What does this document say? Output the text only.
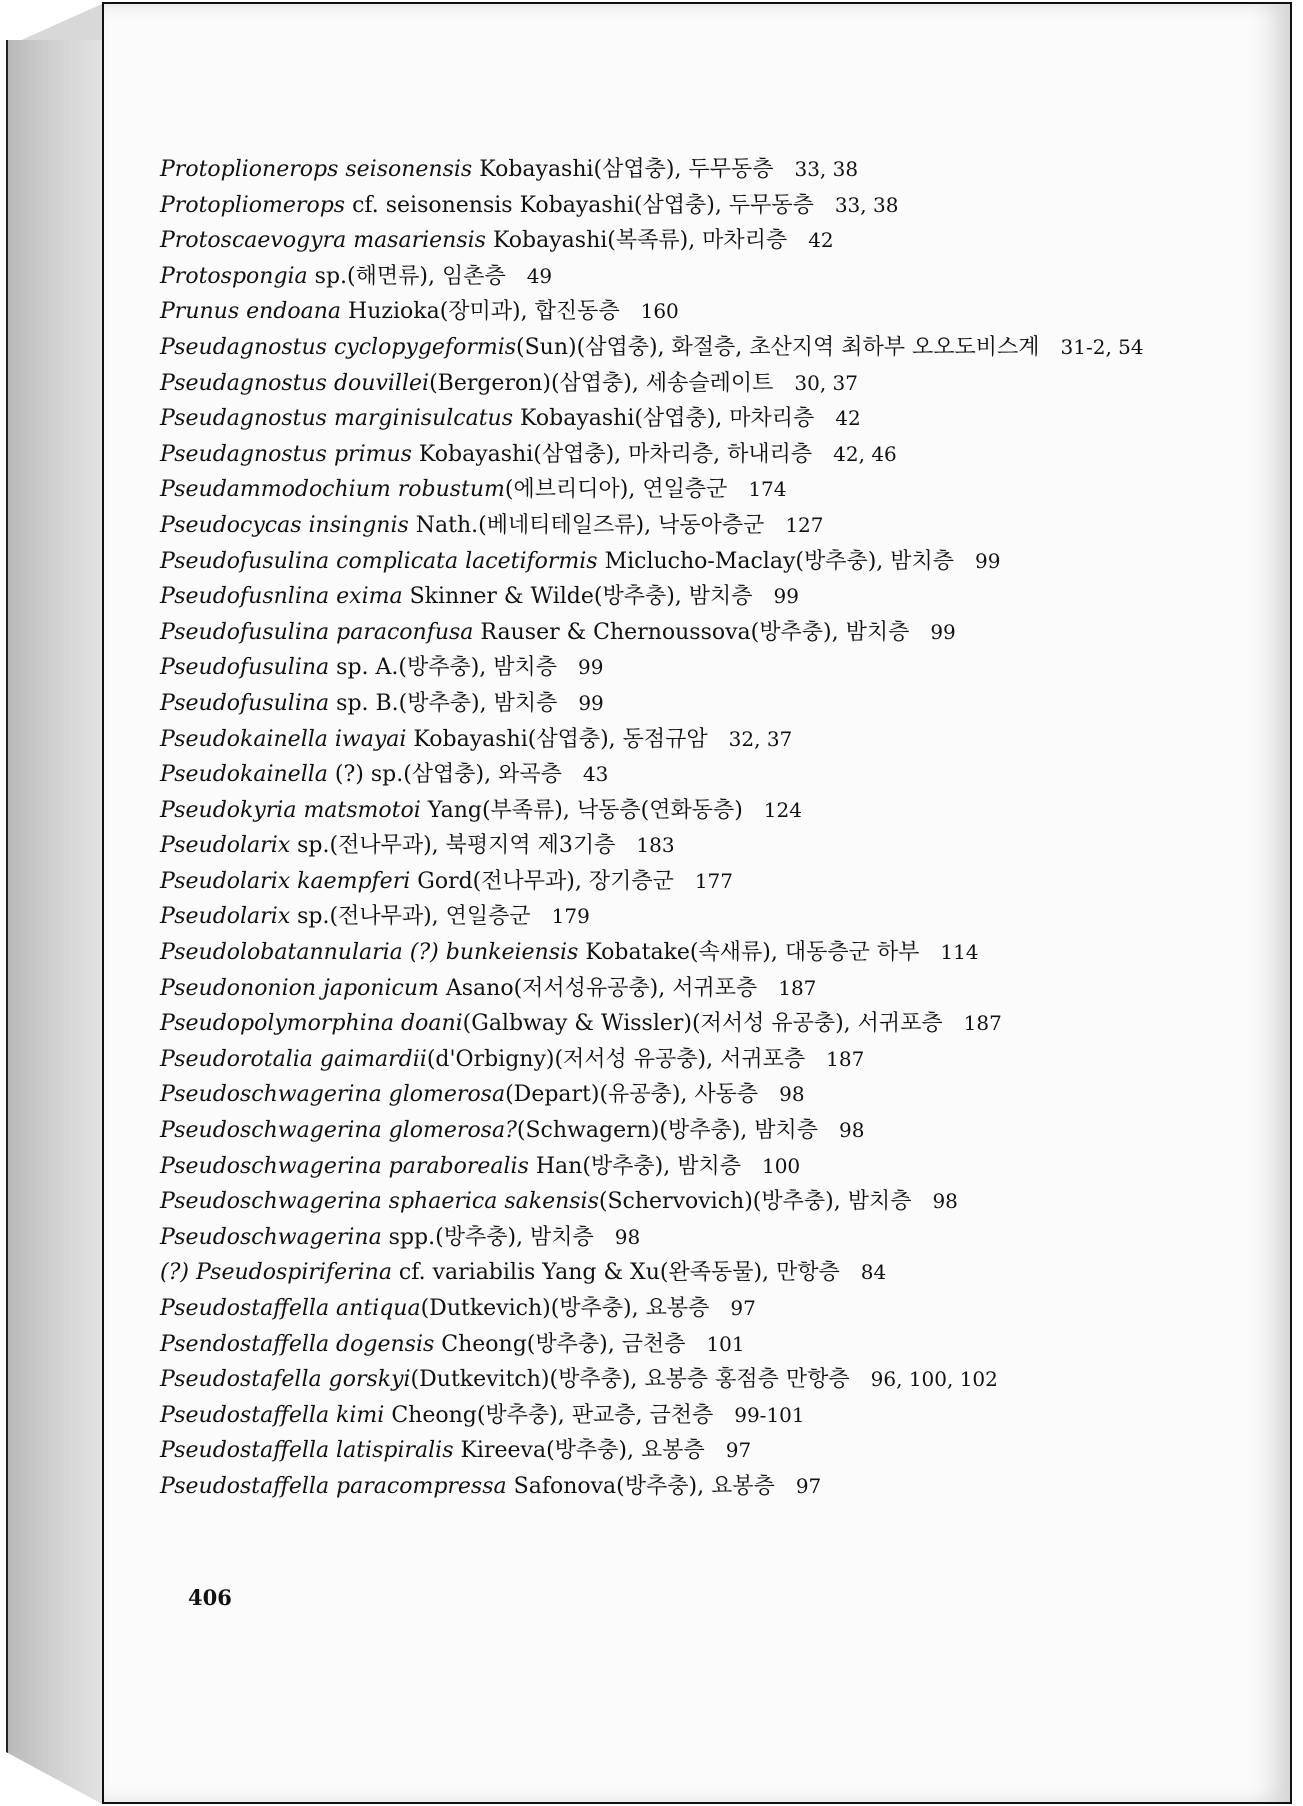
Protoplionerops seisonensis Kobayashi(삼엽충), 두무동층 33, 38
Protopliomerops cf. seisonensis Kobayashi(삼엽충), 두무동층 33, 38
Protoscaevogyra masariensis Kobayashi(복족류), 마차리층 42
Protospongia sp.(해면류), 임촌층 49
Prunus endoana Huzioka(장미과), 합진동층 160
Pseudagnostus cyclopygeformis(Sun)(삼엽충), 화절층, 초산지역 최하부 오오도비스계 31-2, 54
Pseudagnostus douvillei(Bergeron)(삼엽충), 세송슬레이트 30, 37
Pseudagnostus marginisulcatus Kobayashi(삼엽충), 마차리층 42
Pseudagnostus primus Kobayashi(삼엽충), 마차리층, 하내리층 42, 46
Pseudammodochium robustum(에브리디아), 연일층군 174
Pseudocycas insingnis Nath.(베네티테일즈류), 낙동아층군 127
Pseudofusulina complicata lacetiformis Miclucho-Maclay(방추충), 밤치층 99
Pseudofusnlina exima Skinner & Wilde(방추충), 밤치층 99
Pseudofusulina paraconfusa Rauser & Chernoussova(방추충), 밤치층 99
Pseudofusulina sp. A.(방추충), 밤치층 99
Pseudofusulina sp. B.(방추충), 밤치층 99
Pseudokainella iwayai Kobayashi(삼엽충), 동점규암 32, 37
Pseudokainella (?) sp.(삼엽충), 와곡층 43
Pseudokyria matsmotoi Yang(부족류), 낙동층(연화동층) 124
Pseudolarix sp.(전나무과), 북평지역 제3기층 183
Pseudolarix kaempferi Gord(전나무과), 장기층군 177
Pseudolarix sp.(전나무과), 연일층군 179
Pseudolobatannularia (?) bunkeiensis Kobatake(속새류), 대동층군 하부 114
Pseudononion japonicum Asano(저서성유공충), 서귀포층 187
Pseudopolymorphina doani(Galbway & Wissler)(저서성 유공충), 서귀포층 187
Pseudorotalia gaimardii(d'Orbigny)(저서성 유공충), 서귀포층 187
Pseudoschwagerina glomerosa(Depart)(유공충), 사동층 98
Pseudoschwagerina glomerosa?(Schwagern)(방추충), 밤치층 98
Pseudoschwagerina paraborealis Han(방추충), 밤치층 100
Pseudoschwagerina sphaerica sakensis(Schervovich)(방추충), 밤치층 98
Pseudoschwagerina spp.(방추충), 밤치층 98
(?) Pseudospiriferina cf. variabilis Yang & Xu(완족동물), 만항층 84
Pseudostaffella antiqua(Dutkevich)(방추충), 요봉층 97
Psendostaffella dogensis Cheong(방추충), 금천층 101
Pseudostafella gorskyi(Dutkevitch)(방추충), 요봉층 홍점층 만항층 96, 100, 102
Pseudostaffella kimi Cheong(방추충), 판교층, 금천층 99-101
Pseudostaffella latispiralis Kireeva(방추충), 요봉층 97
Pseudostaffella paracompressa Safonova(방추충), 요봉층 97
406
